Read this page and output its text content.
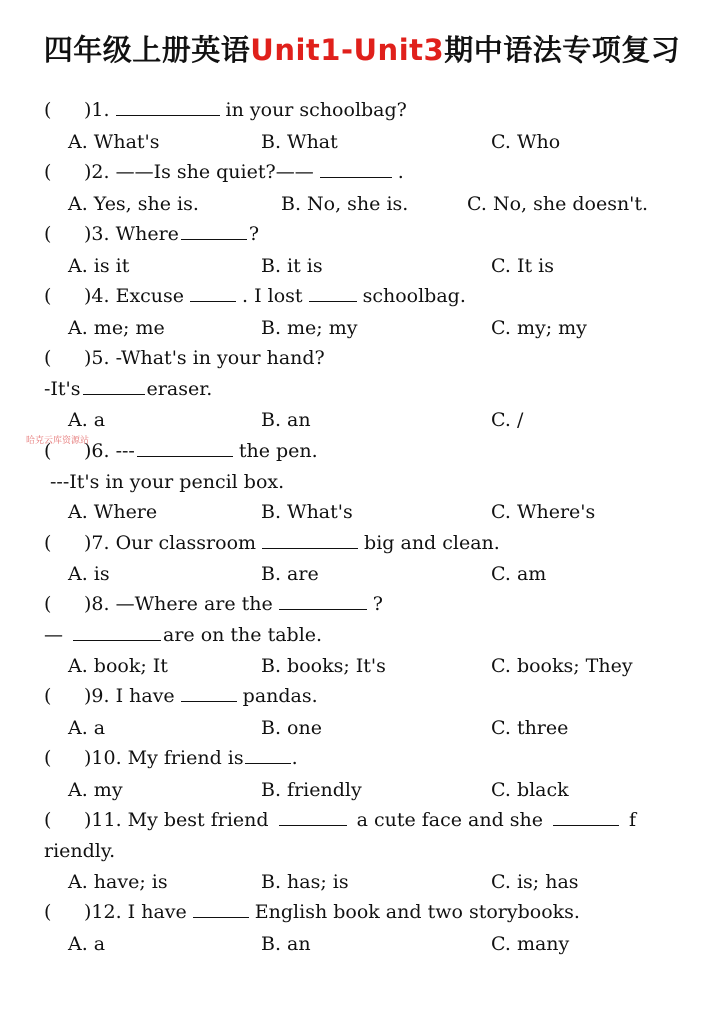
四年级上册英语Unit1-Unit3期中语法专项复习
哈克云库资源站
( )1.	in your schoolbag?
A. What's	B. What	C. Who
( )2. ——Is she quiet?——	.
A. Yes, she is.	B. No, she is.	C. No, she doesn't.
( )3. Where	?
A. is it	B. it is	C. It is
( )4. Excuse	. I lost	schoolbag.
A. me; me	B. me; my	C. my; my
( )5. -What's in your hand?
-It's	eraser.
A. a	B. an	C. /
( )6. ---	the pen.
---It's in your pencil box.
A. Where	B. What's	C. Where's
( )7. Our classroom	big and clean.
A. is	B. are	C. am
( )8. —Where are the	?
—	are on the table.
A. book; It	B. books; It's	C. books; They
( )9. I have	pandas.
A. a	B. one	C. three
( )10. My friend is	.
A. my	B. friendly	C. black
( )11. My best friend	a cute face and she	f
riendly.
A. have; is	B. has; is	C. is; has
( )12. I have	English book and two storybooks.
A. a	B. an	C. many
